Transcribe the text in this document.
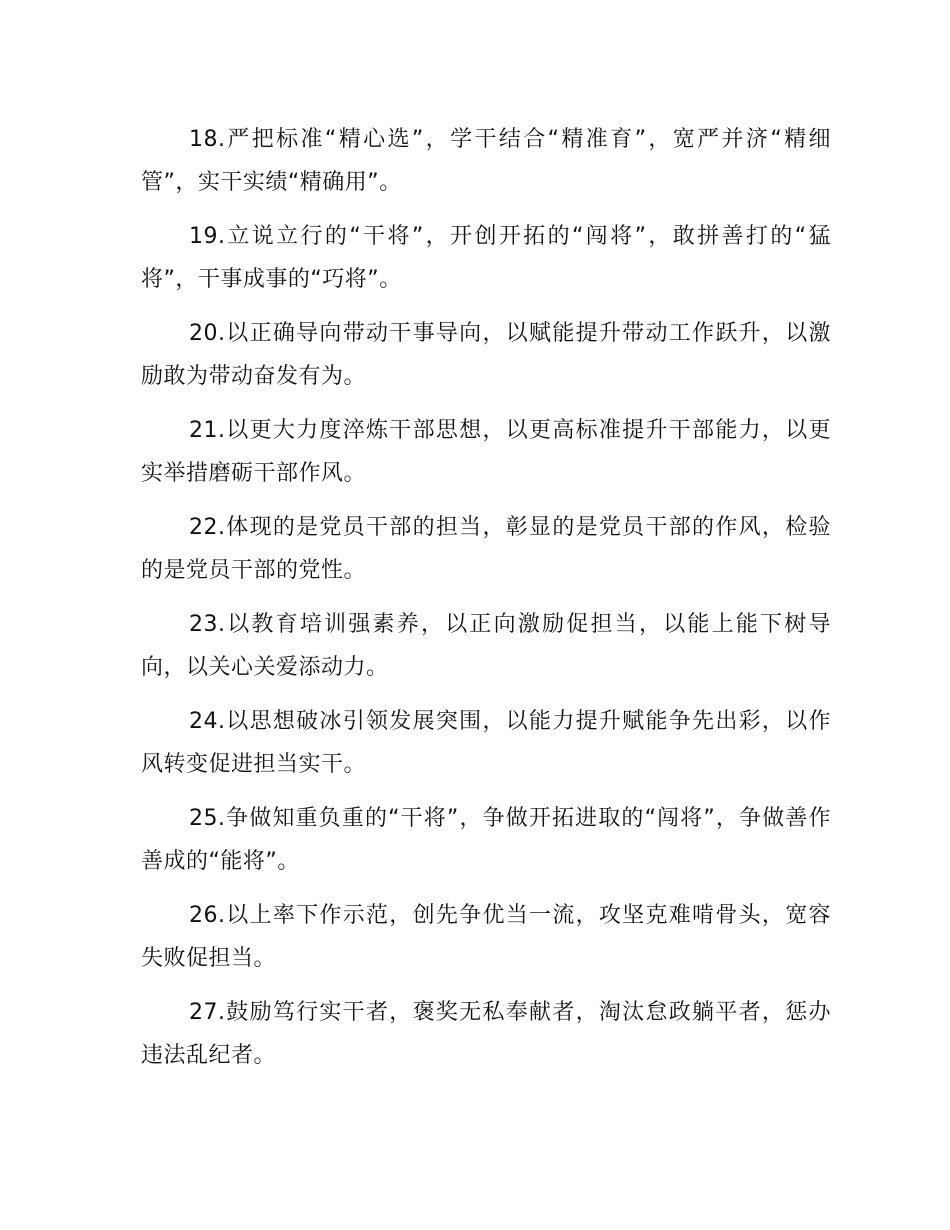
18.严把标准“精心选”，学干结合“精准育”，宽严并济“精细管”，实干实绩“精确用”。

19.立说立行的“干将”，开创开拓的“闯将”，敢拼善打的“猛将”，干事成事的“巧将”。

20.以正确导向带动干事导向，以赋能提升带动工作跃升，以激励敢为带动奋发有为。

21.以更大力度淬炼干部思想，以更高标准提升干部能力，以更实举措磨砺干部作风。

22.体现的是党员干部的担当，彰显的是党员干部的作风，检验的是党员干部的党性。

23.以教育培训强素养，以正向激励促担当，以能上能下树导向，以关心关爱添动力。

24.以思想破冰引领发展突围，以能力提升赋能争先出彩，以作风转变促进担当实干。

25.争做知重负重的“干将”，争做开拓进取的“闯将”，争做善作善成的“能将”。

26.以上率下作示范，创先争优当一流，攻坚克难啃骨头，宽容失败促担当。

27.鼓励笃行实干者，褒奖无私奉献者，淘汰怠政躺平者，惩办违法乱纪者。
